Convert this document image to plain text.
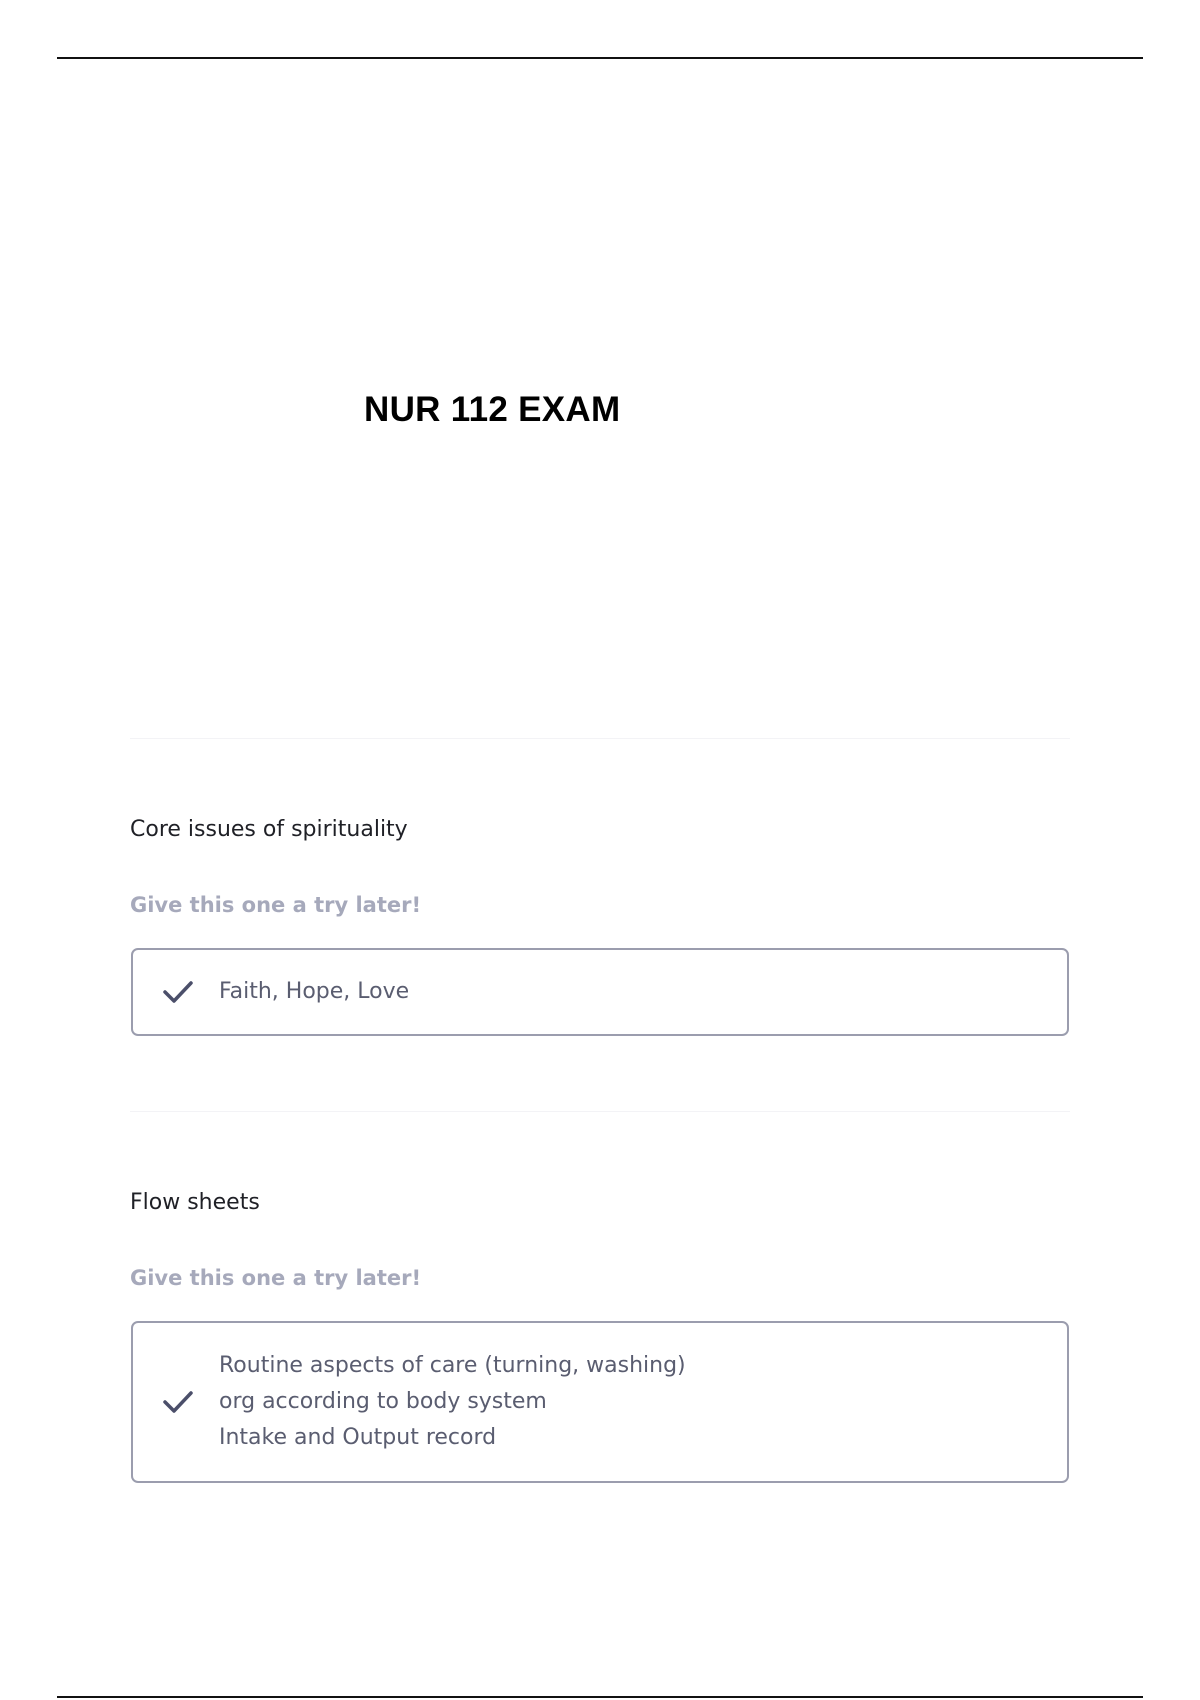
NUR 112 EXAM

Core issues of spirituality

Give this one a try later!

Faith, Hope, Love

Flow sheets

Give this one a try later!

Routine aspects of care (turning, washing)
org according to body system
Intake and Output record
